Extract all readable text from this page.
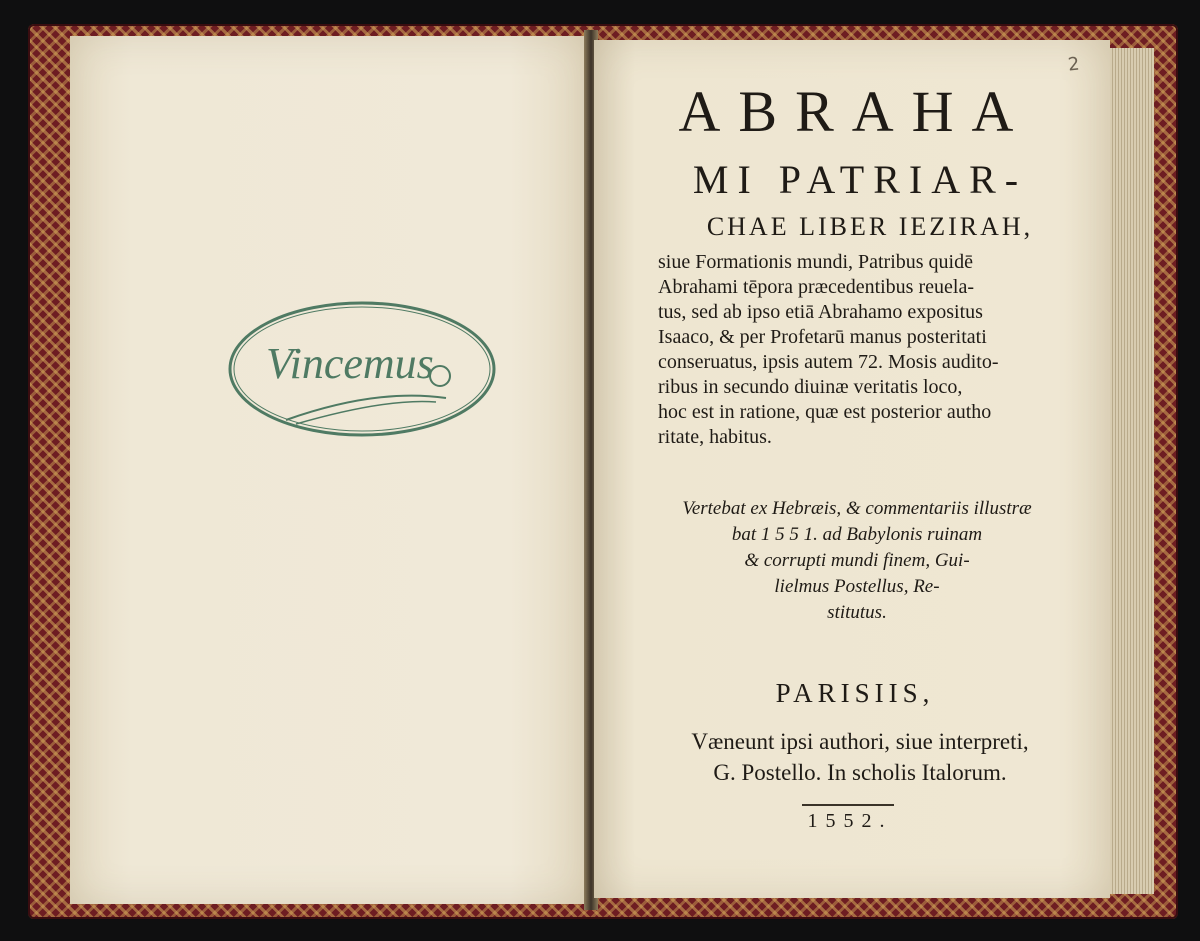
2
Vincemus
ABRAHA
MI PATRIAR-
CHAE LIBER IEZIRAH,
siue Formationis mundi, Patribus quidē
Abrahami tēpora præcedentibus reuela-
tus, sed ab ipso etiā Abrahamo expositus
Isaaco, & per Profetarū manus posteritati
conseruatus, ipsis autem 72. Mosis audito-
ribus in secundo diuinæ veritatis loco,
hoc est in ratione, quæ est posterior autho
ritate, habitus.
Vertebat ex Hebræis, & commentariis illustræ
bat 1 5 5 1. ad Babylonis ruinam
& corrupti mundi finem, Gui-
lielmus Postellus, Re-
stitutus.
PARISIIS,
Væneunt ipsi authori, siue interpreti,
G. Postello. In scholis Italorum.
1552.
